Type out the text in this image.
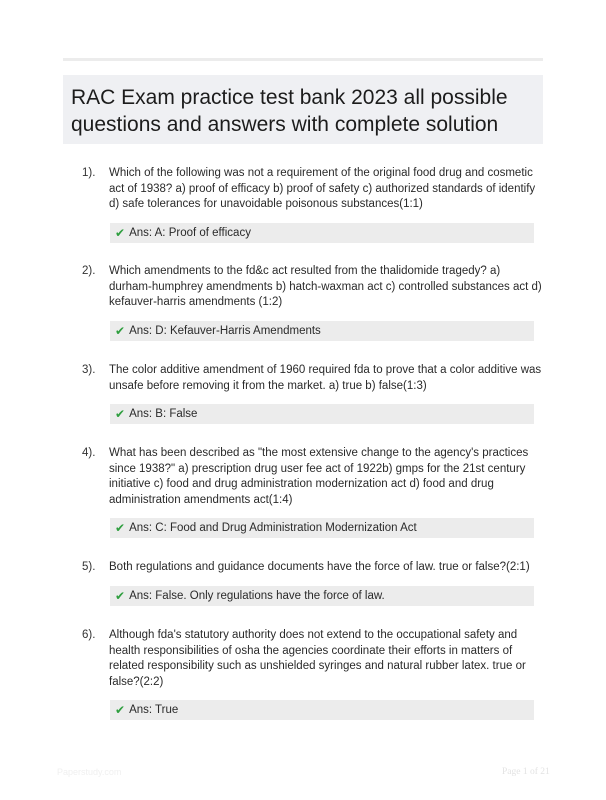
RAC Exam practice test bank 2023 all possible questions and answers with complete solution
1). Which of the following was not a requirement of the original food drug and cosmetic act of 1938? a) proof of efficacy b) proof of safety c) authorized standards of identify d) safe tolerances for unavoidable poisonous substances(1:1)
✔ Ans: A: Proof of efficacy
2). Which amendments to the fd&c act resulted from the thalidomide tragedy? a) durham-humphrey amendments b) hatch-waxman act c) controlled substances act d) kefauver-harris amendments (1:2)
✔ Ans: D: Kefauver-Harris Amendments
3). The color additive amendment of 1960 required fda to prove that a color additive was unsafe before removing it from the market. a) true b) false(1:3)
✔ Ans: B: False
4). What has been described as "the most extensive change to the agency's practices since 1938?" a) prescription drug user fee act of 1922b) gmps for the 21st century initiative c) food and drug administration modernization act d) food and drug administration amendments act(1:4)
✔ Ans: C: Food and Drug Administration Modernization Act
5). Both regulations and guidance documents have the force of law. true or false?(2:1)
✔ Ans: False. Only regulations have the force of law.
6). Although fda's statutory authority does not extend to the occupational safety and health responsibilities of osha the agencies coordinate their efforts in matters of related responsibility such as unshielded syringes and natural rubber latex. true or false?(2:2)
✔ Ans: True
Paperstudy.com	Page 1 of 21
